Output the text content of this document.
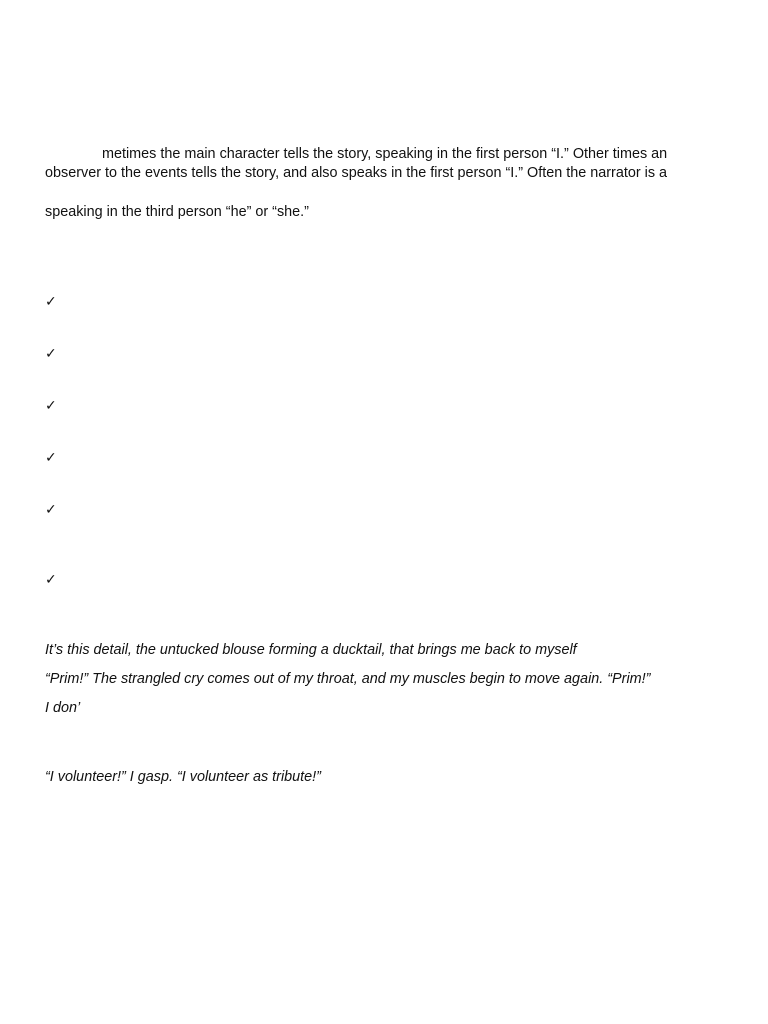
metimes the main character tells the story, speaking in the first person “I.” Other times an
observer to the events tells the story, and also speaks in the first person “I.” Often the narrator is a
speaking in the third person “he” or “she.”
✓
✓
✓
✓
✓
✓
It’s this detail, the untucked blouse forming a ducktail, that brings me back to myself
“Prim!” The strangled cry comes out of my throat, and my muscles begin to move again. “Prim!”
I don’
“I volunteer!” I gasp. “I volunteer as tribute!”
